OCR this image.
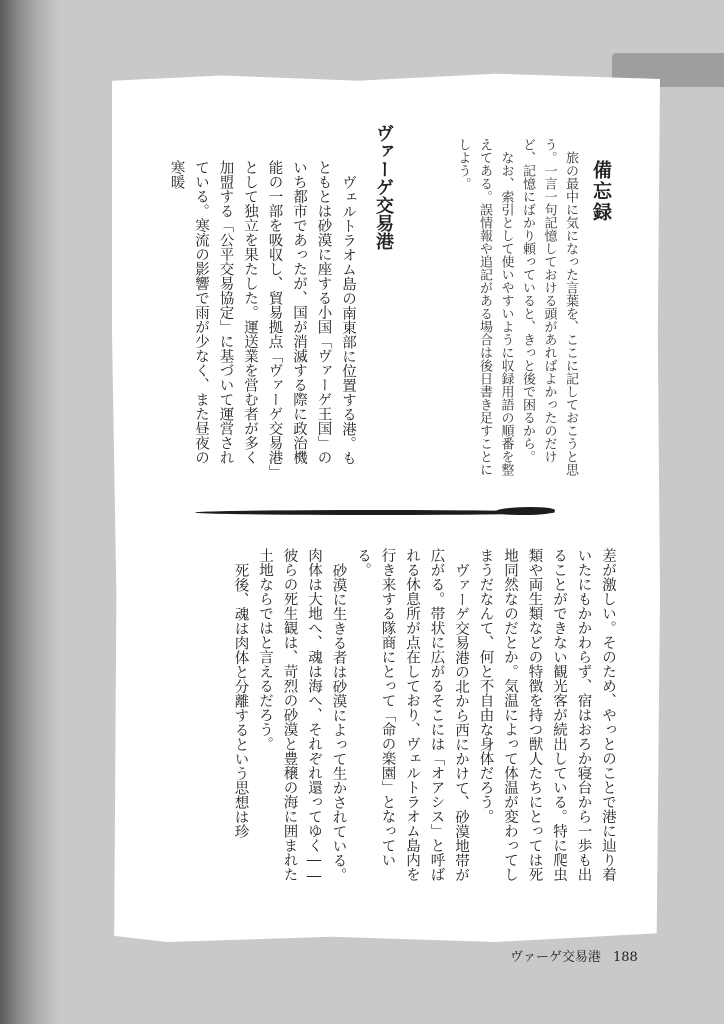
備忘録

旅の最中に気になった言葉を、ここに記しておこうと思う。一言一句記憶しておける頭があればよかったのだけど、記憶にばかり頼っていると、きっと後で困るから。

なお、索引として使いやすいように収録用語の順番を整えてある。誤情報や追記がある場合は後日書き足すことにしよう。

ヴァーゲ交易港

ヴェルトラオム島の南東部に位置する港。もともとは砂漠に座する小国「ヴァーゲ王国」のいち都市であったが、国が消滅する際に政治機能の一部を吸収し、貿易拠点「ヴァーゲ交易港」として独立を果たした。運送業を営む者が多く加盟する「公平交易協定」に基づいて運営されている。寒流の影響で雨が少なく、また昼夜の寒暖

差が激しい。そのため、やっとのことで港に辿り着いたにもかかわらず、宿はおろか寝台から一歩も出ることができない観光客が続出している。特に爬虫類や両生類などの特徴を持つ獣人たちにとっては死地同然なのだとか。気温によって体温が変わってしまうだなんて、何と不自由な身体だろう。

ヴァーゲ交易港の北から西にかけて、砂漠地帯が広がる。帯状に広がるそこには「オアシス」と呼ばれる休息所が点在しており、ヴェルトラオム島内を行き来する隊商にとって「命の楽園」となっている。

砂漠に生きる者は砂漠によって生かされている。肉体は大地へ、魂は海へ、それぞれ還ってゆく――彼らの死生観は、苛烈の砂漠と豊穣の海に囲まれた土地ならではと言えるだろう。

死後、魂は肉体と分離するという思想は珍

ヴァーゲ交易港 188
